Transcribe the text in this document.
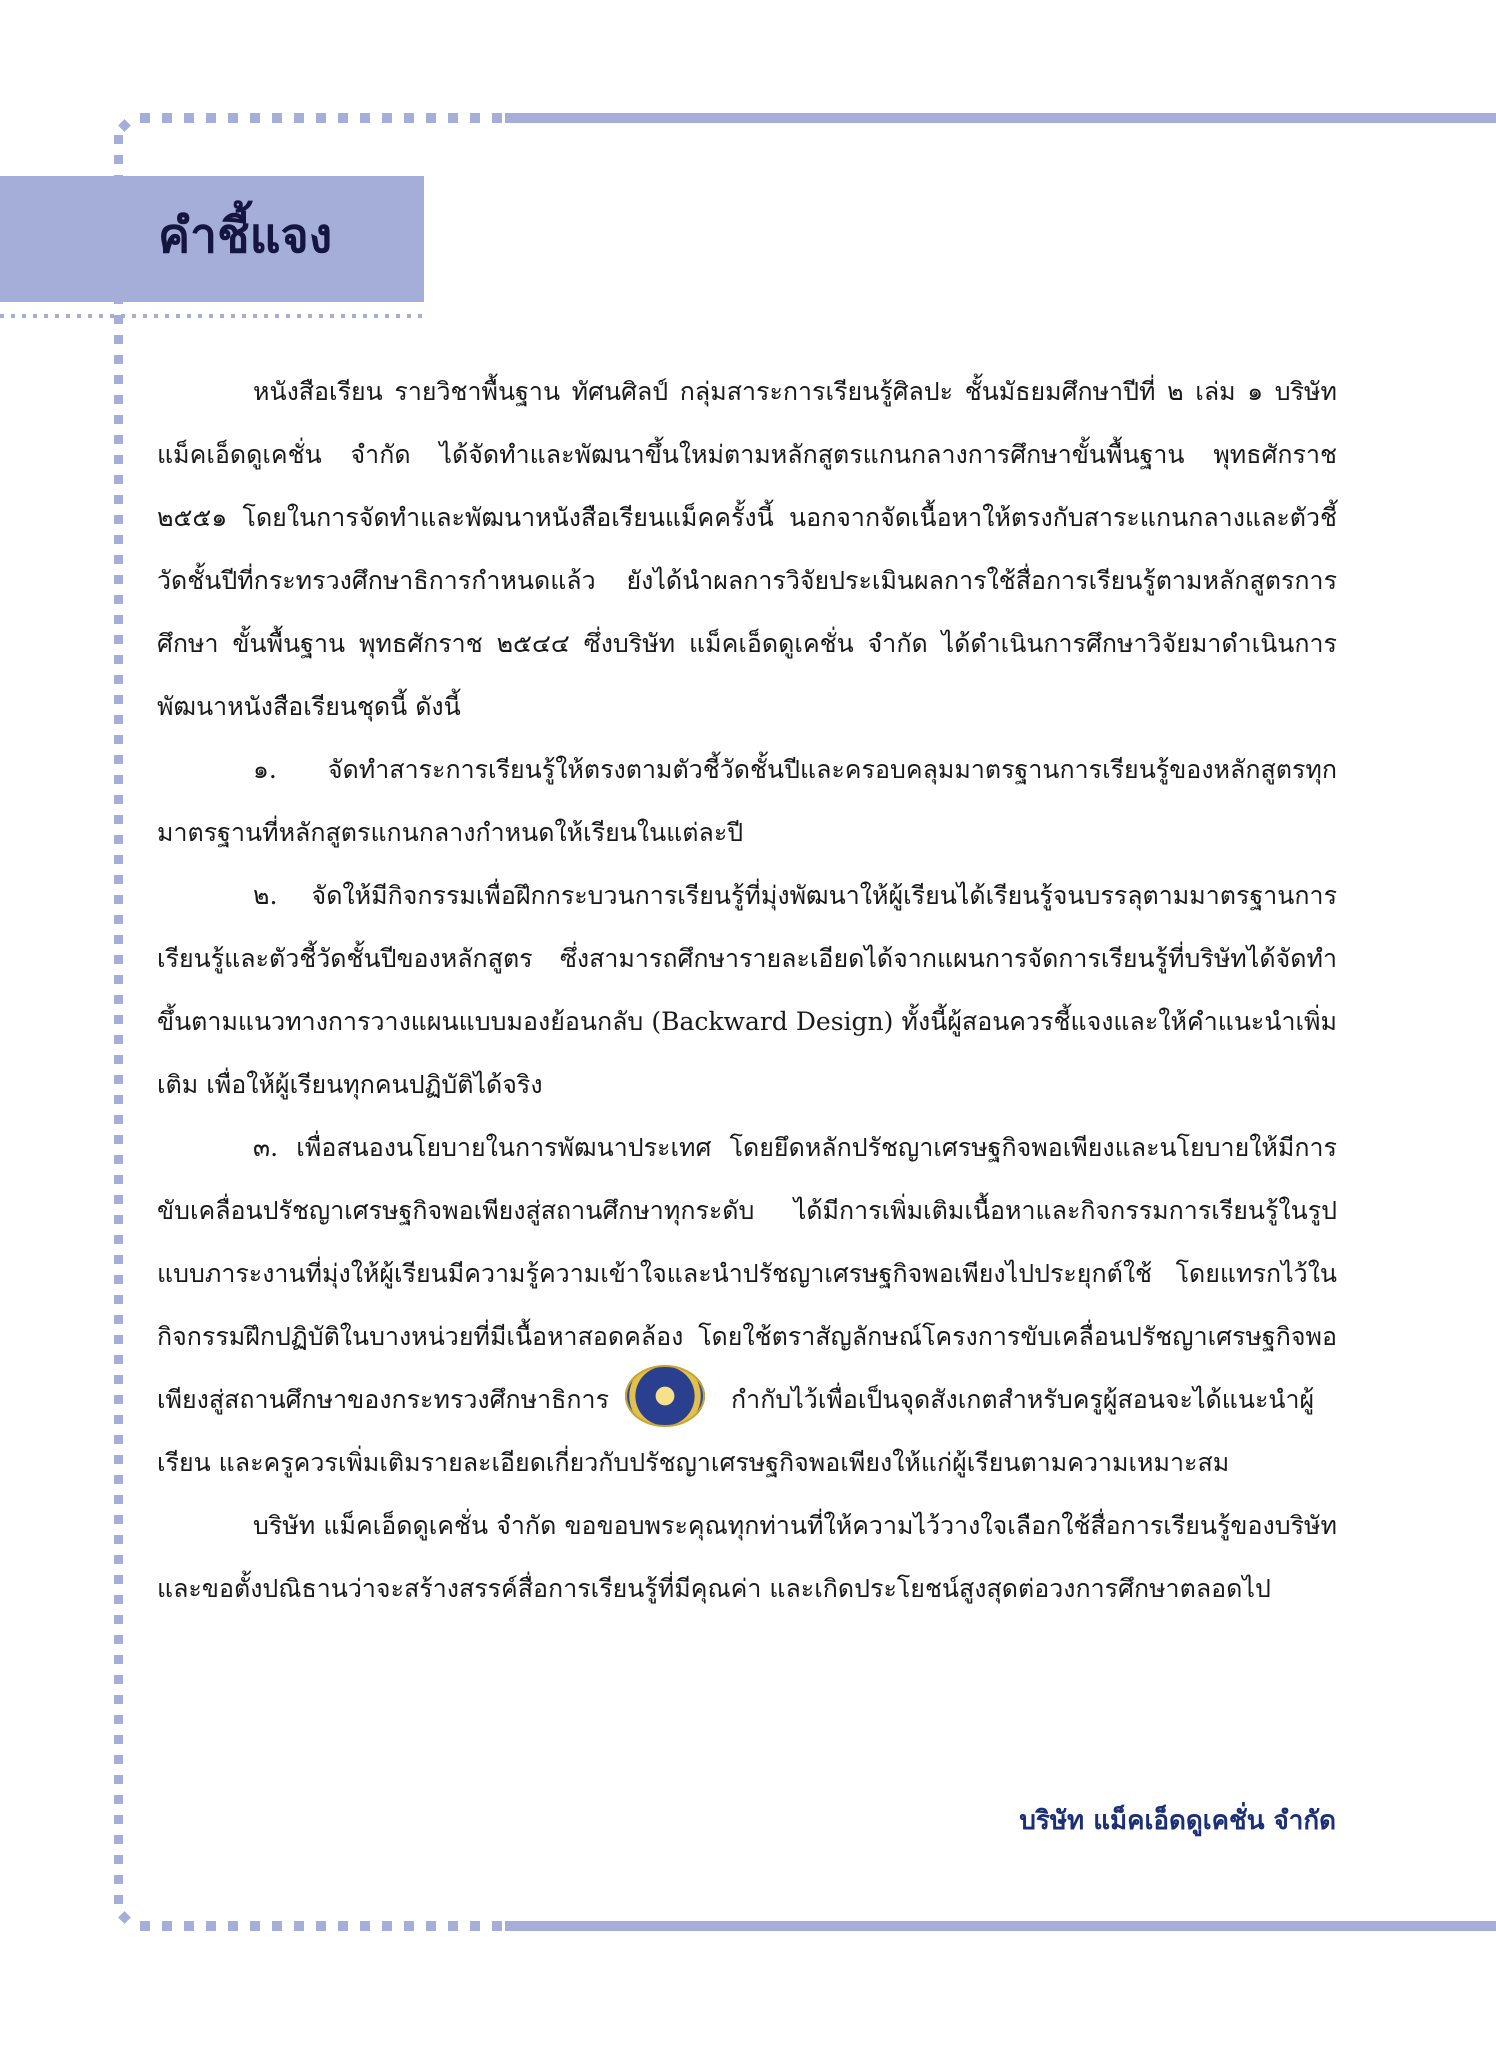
คำชี้แจง

หนังสือเรียน รายวิชาพื้นฐาน ทัศนศิลป์ กลุ่มสาระการเรียนรู้ศิลปะ ชั้นมัธยมศึกษาปีที่ ๒ เล่ม ๑ บริษัท แม็คเอ็ดดูเคชั่น จำกัด ได้จัดทำและพัฒนาขึ้นใหม่ตามหลักสูตรแกนกลางการศึกษาขั้นพื้นฐาน พุทธศักราช ๒๕๕๑ โดยในการจัดทำและพัฒนาหนังสือเรียนแม็คครั้งนี้ นอกจากจัดเนื้อหาให้ตรงกับสาระแกนกลางและตัวชี้วัดชั้นปีที่กระทรวงศึกษาธิการกำหนดแล้ว ยังได้นำผลการวิจัยประเมินผลการใช้สื่อการเรียนรู้ตามหลักสูตรการศึกษา ขั้นพื้นฐาน พุทธศักราช ๒๕๔๔ ซึ่งบริษัท แม็คเอ็ดดูเคชั่น จำกัด ได้ดำเนินการศึกษาวิจัยมาดำเนินการพัฒนาหนังสือเรียนชุดนี้ ดังนี้

๑. จัดทำสาระการเรียนรู้ให้ตรงตามตัวชี้วัดชั้นปีและครอบคลุมมาตรฐานการเรียนรู้ของหลักสูตรทุกมาตรฐานที่หลักสูตรแกนกลางกำหนดให้เรียนในแต่ละปี

๒. จัดให้มีกิจกรรมเพื่อฝึกกระบวนการเรียนรู้ที่มุ่งพัฒนาให้ผู้เรียนได้เรียนรู้จนบรรลุตามมาตรฐานการเรียนรู้และตัวชี้วัดชั้นปีของหลักสูตร ซึ่งสามารถศึกษารายละเอียดได้จากแผนการจัดการเรียนรู้ที่บริษัทได้จัดทำขึ้นตามแนวทางการวางแผนแบบมองย้อนกลับ (Backward Design) ทั้งนี้ผู้สอนควรชี้แจงและให้คำแนะนำเพิ่มเติม เพื่อให้ผู้เรียนทุกคนปฏิบัติได้จริง

๓. เพื่อสนองนโยบายในการพัฒนาประเทศ โดยยึดหลักปรัชญาเศรษฐกิจพอเพียงและนโยบายให้มีการขับเคลื่อนปรัชญาเศรษฐกิจพอเพียงสู่สถานศึกษาทุกระดับ ได้มีการเพิ่มเติมเนื้อหาและกิจกรรมการเรียนรู้ในรูปแบบภาระงานที่มุ่งให้ผู้เรียนมีความรู้ความเข้าใจและนำปรัชญาเศรษฐกิจพอเพียงไปประยุกต์ใช้ โดยแทรกไว้ในกิจกรรมฝึกปฏิบัติในบางหน่วยที่มีเนื้อหาสอดคล้อง โดยใช้ตราสัญลักษณ์โครงการขับเคลื่อนปรัชญาเศรษฐกิจพอเพียงสู่สถานศึกษาของกระทรวงศึกษาธิการ	กำกับไว้เพื่อเป็นจุดสังเกตสำหรับครูผู้สอนจะได้แนะนำผู้เรียน และครูควรเพิ่มเติมรายละเอียดเกี่ยวกับปรัชญาเศรษฐกิจพอเพียงให้แก่ผู้เรียนตามความเหมาะสม

บริษัท แม็คเอ็ดดูเคชั่น จำกัด ขอขอบพระคุณทุกท่านที่ให้ความไว้วางใจเลือกใช้สื่อการเรียนรู้ของบริษัท และขอตั้งปณิธานว่าจะสร้างสรรค์สื่อการเรียนรู้ที่มีคุณค่า และเกิดประโยชน์สูงสุดต่อวงการศึกษาตลอดไป

บริษัท แม็คเอ็ดดูเคชั่น จำกัด
